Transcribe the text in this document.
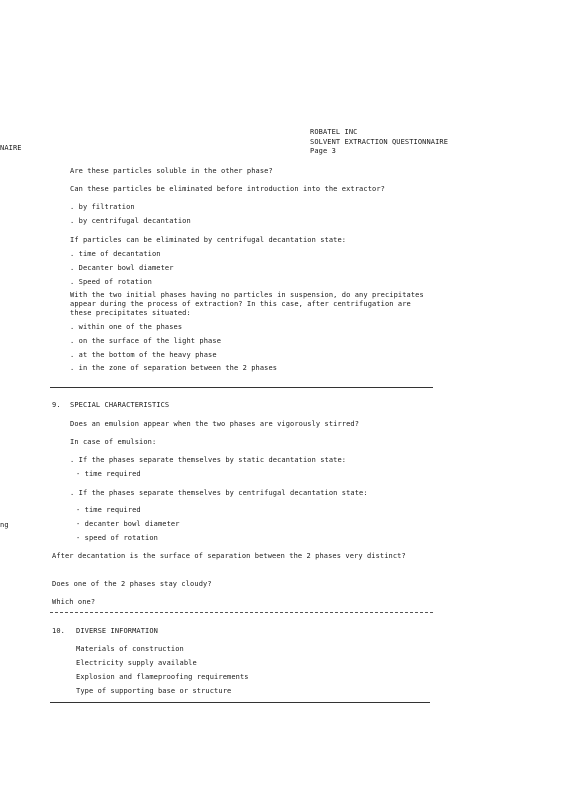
ROBATEL INC
SOLVENT EXTRACTION QUESTIONNAIRE
Page 3
NAIRE
Are these particles soluble in the other phase?
Can these particles be eliminated before introduction into the extractor?
. by filtration
. by centrifugal decantation
If particles can be eliminated by centrifugal decantation state:
. time of decantation
. Decanter bowl diameter
. Speed of rotation
With the two initial phases having no particles in suspension, do any precipitates
appear during the process of extraction? In this case, after centrifugation are
these precipitates situated:
. within one of the phases
. on the surface of the light phase
. at the bottom of the heavy phase
. in the zone of separation between the 2 phases
9. SPECIAL CHARACTERISTICS
Does an emulsion appear when the two phases are vigorously stirred?
In case of emulsion:
. If the phases separate themselves by static decantation state:
- time required
. If the phases separate themselves by centrifugal decantation state:
- time required
- decanter bowl diameter
- speed of rotation
ng
After decantation is the surface of separation between the 2 phases very distinct?
Does one of the 2 phases stay cloudy?
Which one?
10. DIVERSE INFORMATION
Materials of construction
Electricity supply available
Explosion and flameproofing requirements
Type of supporting base or structure
